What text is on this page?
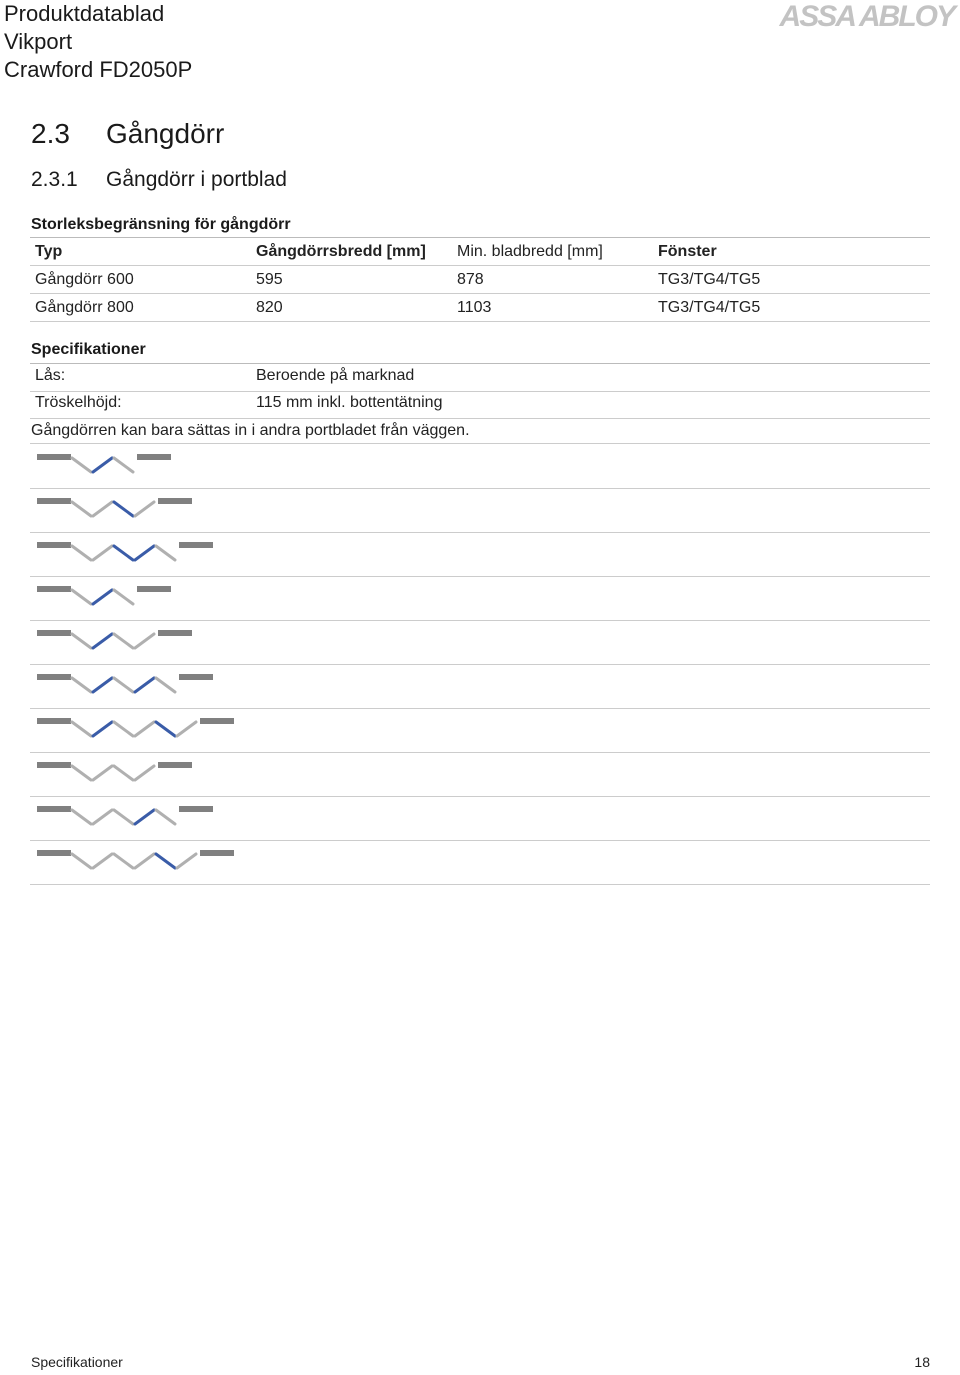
Produktdatablad
Vikport
Crawford FD2050P
ASSA ABLOY
2.3 Gångdörr
2.3.1 Gångdörr i portblad
Storleksbegränsning för gångdörr
Typ	Gångdörrsbredd [mm]	Min. bladbredd [mm]	Fönster
Gångdörr 600	595	878	TG3/TG4/TG5
Gångdörr 800	820	1103	TG3/TG4/TG5
Specifikationer
Lås:	Beroende på marknad
Tröskelhöjd:	115 mm inkl. bottentätning
Gångdörren kan bara sättas in i andra portbladet från väggen.
Specifikationer	18
